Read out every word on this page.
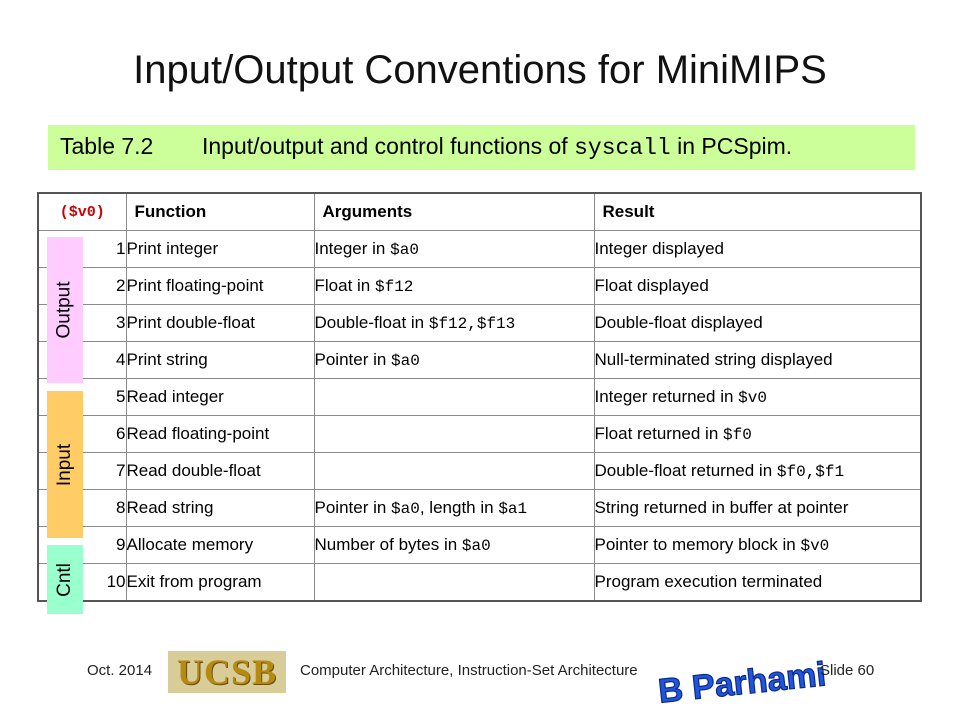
Input/Output Conventions for MiniMIPS
Table 7.2 Input/output and control functions of syscall in PCSpim.
($v0)	Function	Arguments	Result
1	Print integer	Integer in $a0	Integer displayed
2	Print floating-point	Float in $f12	Float displayed
3	Print double-float	Double-float in $f12,$f13	Double-float displayed
4	Print string	Pointer in $a0	Null-terminated string displayed
5	Read integer		Integer returned in $v0
6	Read floating-point		Float returned in $f0
7	Read double-float		Double-float returned in $f0,$f1
8	Read string	Pointer in $a0, length in $a1	String returned in buffer at pointer
9	Allocate memory	Number of bytes in $a0	Pointer to memory block in $v0
10	Exit from program		Program execution terminated
Output
Input
Cntl
Oct. 2014 UCSB	Computer Architecture, Instruction-Set Architecture B Parhami
Slide 60
